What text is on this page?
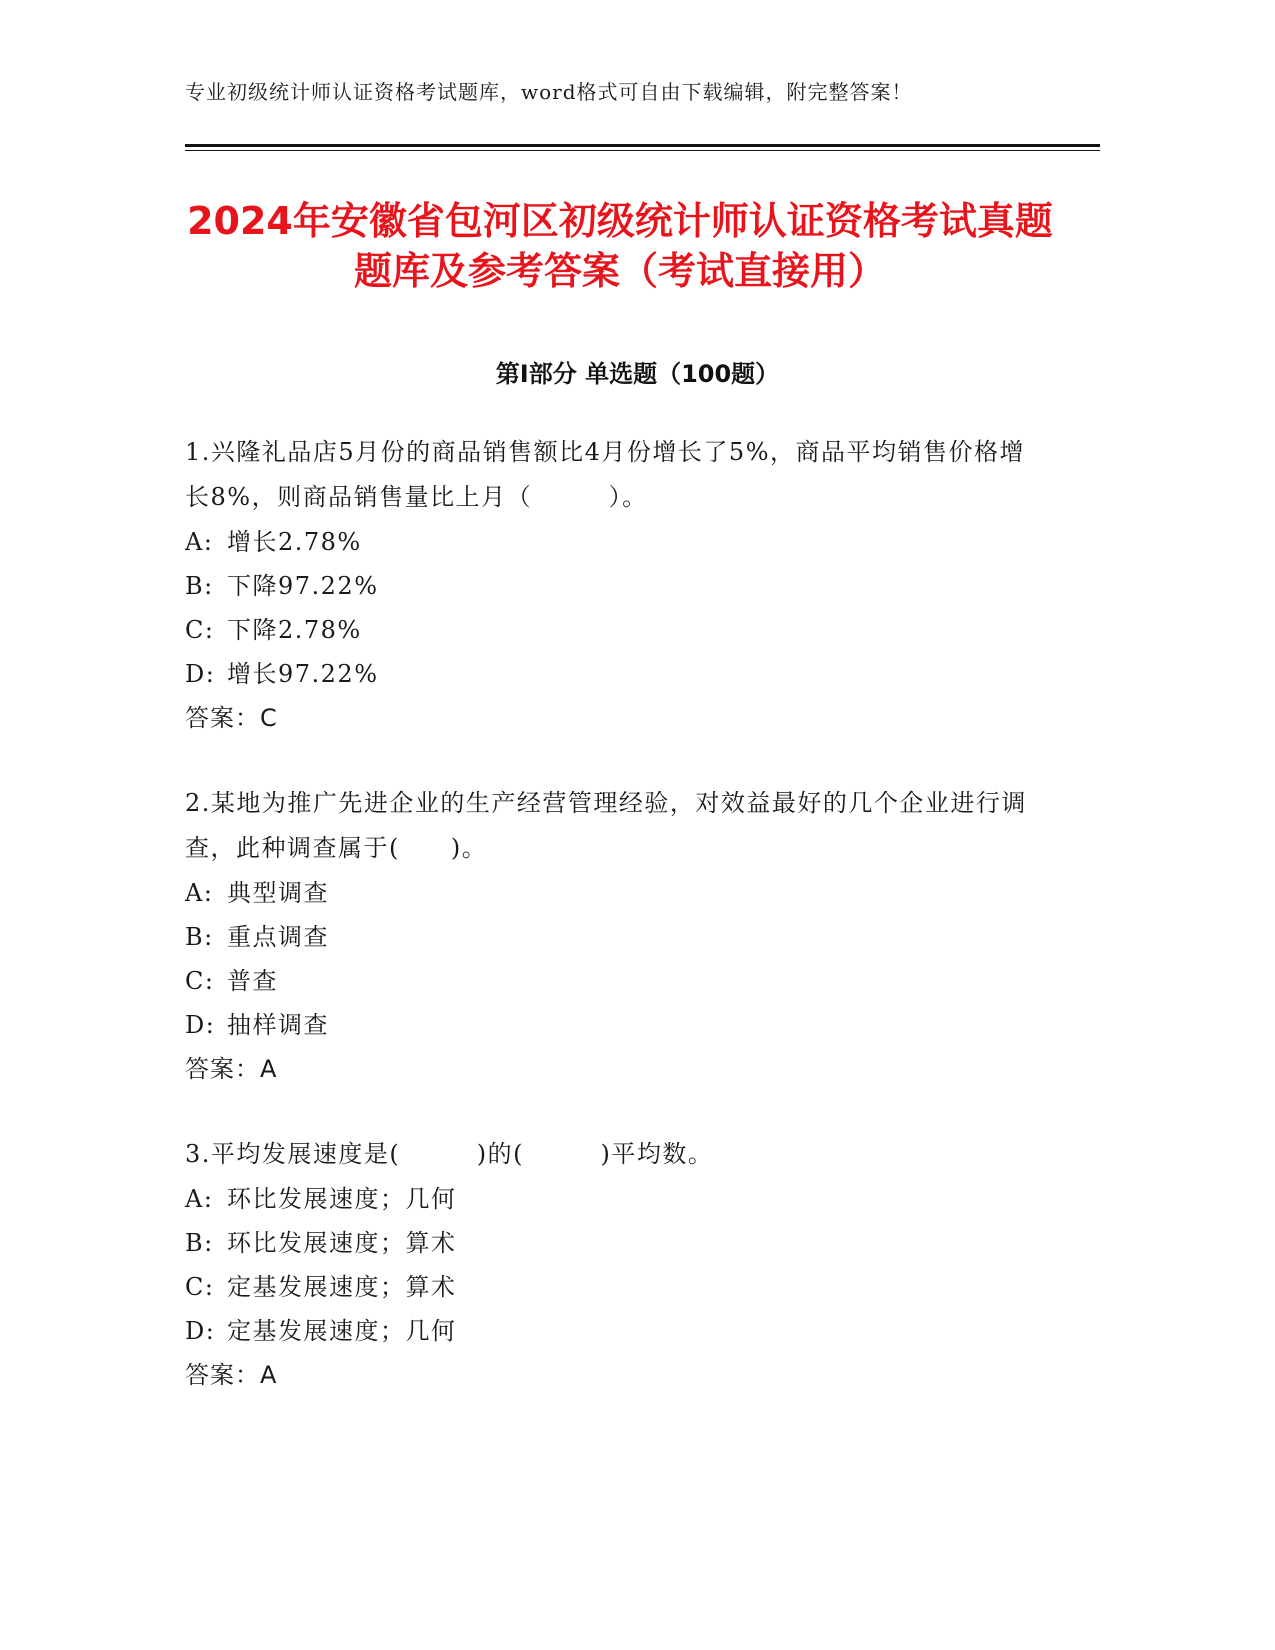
专业初级统计师认证资格考试题库，word格式可自由下载编辑，附完整答案！
2024年安徽省包河区初级统计师认证资格考试真题题库及参考答案（考试直接用）
第Ⅰ部分 单选题（100题）
1.兴隆礼品店5月份的商品销售额比4月份增长了5%，商品平均销售价格增长8%，则商品销售量比上月（　　　）。
A: 增长2.78%
B: 下降97.22%
C: 下降2.78%
D: 增长97.22%
答案：C
2.某地为推广先进企业的生产经营管理经验，对效益最好的几个企业进行调查，此种调查属于(　　)。
A: 典型调查
B: 重点调查
C: 普查
D: 抽样调查
答案：A
3.平均发展速度是(　　　)的(　　　)平均数。
A: 环比发展速度；几何
B: 环比发展速度；算术
C: 定基发展速度；算术
D: 定基发展速度；几何
答案：A
